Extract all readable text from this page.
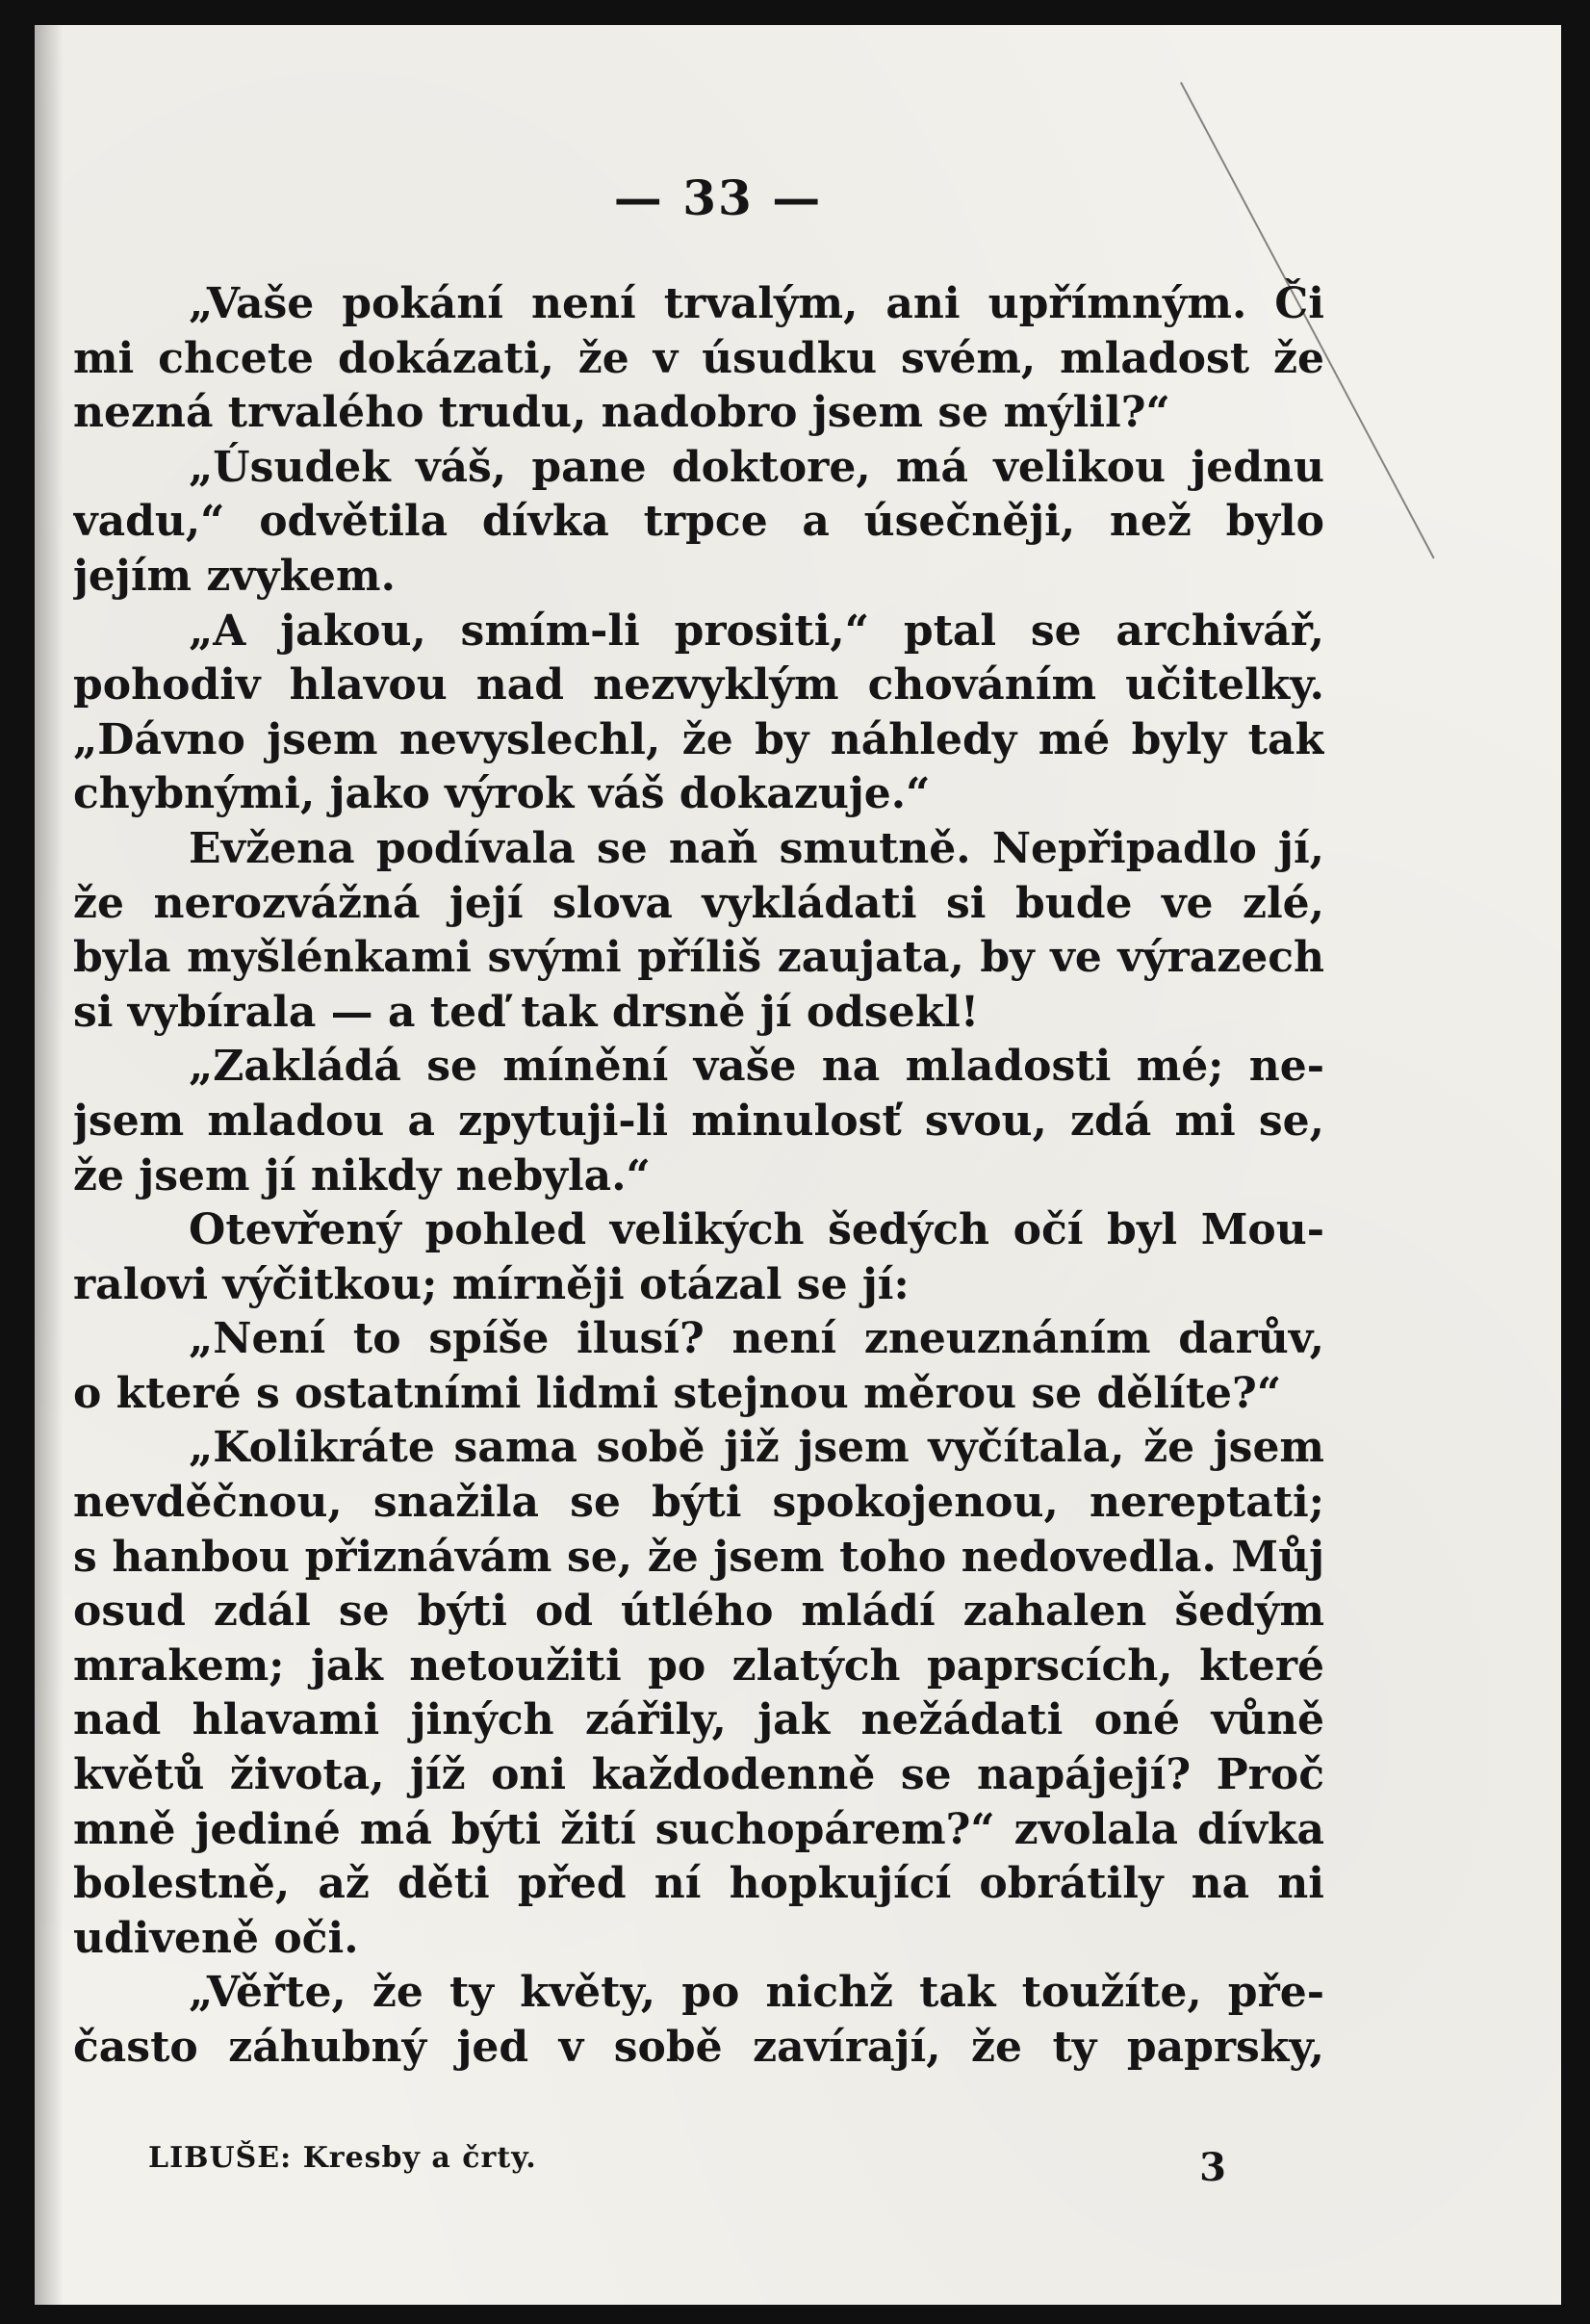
— 33 —
„Vaše pokání není trvalým, ani upřímným. Či
mi chcete dokázati, že v úsudku svém, mladost že
nezná trvalého trudu, nadobro jsem se mýlil?“
„Úsudek váš, pane doktore, má velikou jednu
vadu,“ odvětila dívka trpce a úsečněji, než bylo
jejím zvykem.
„A jakou, smím-li prositi,“ ptal se archivář,
pohodiv hlavou nad nezvyklým chováním učitelky.
„Dávno jsem nevyslechl, že by náhledy mé byly tak
chybnými, jako výrok váš dokazuje.“
Evžena podívala se naň smutně. Nepřipadlo jí,
že nerozvážná její slova vykládati si bude ve zlé,
byla myšlénkami svými příliš zaujata, by ve výrazech
si vybírala — a teď tak drsně jí odsekl!
„Zakládá se mínění vaše na mladosti mé; ne-
jsem mladou a zpytuji-li minulosť svou, zdá mi se,
že jsem jí nikdy nebyla.“
Otevřený pohled velikých šedých očí byl Mou-
ralovi výčitkou; mírněji otázal se jí:
„Není to spíše ilusí? není zneuznáním darův,
o které s ostatními lidmi stejnou měrou se dělíte?“
„Kolikráte sama sobě již jsem vyčítala, že jsem
nevděčnou, snažila se býti spokojenou, nereptati;
s hanbou přiznávám se, že jsem toho nedovedla. Můj
osud zdál se býti od útlého mládí zahalen šedým
mrakem; jak netoužiti po zlatých paprscích, které
nad hlavami jiných zářily, jak nežádati oné vůně
květů života, jíž oni každodenně se napájejí? Proč
mně jediné má býti žití suchopárem?“ zvolala dívka
bolestně, až děti před ní hopkující obrátily na ni
udiveně oči.
„Věřte, že ty květy, po nichž tak toužíte, pře-
často záhubný jed v sobě zavírají, že ty paprsky,
LIBUŠE: Kresby a črty.	3
